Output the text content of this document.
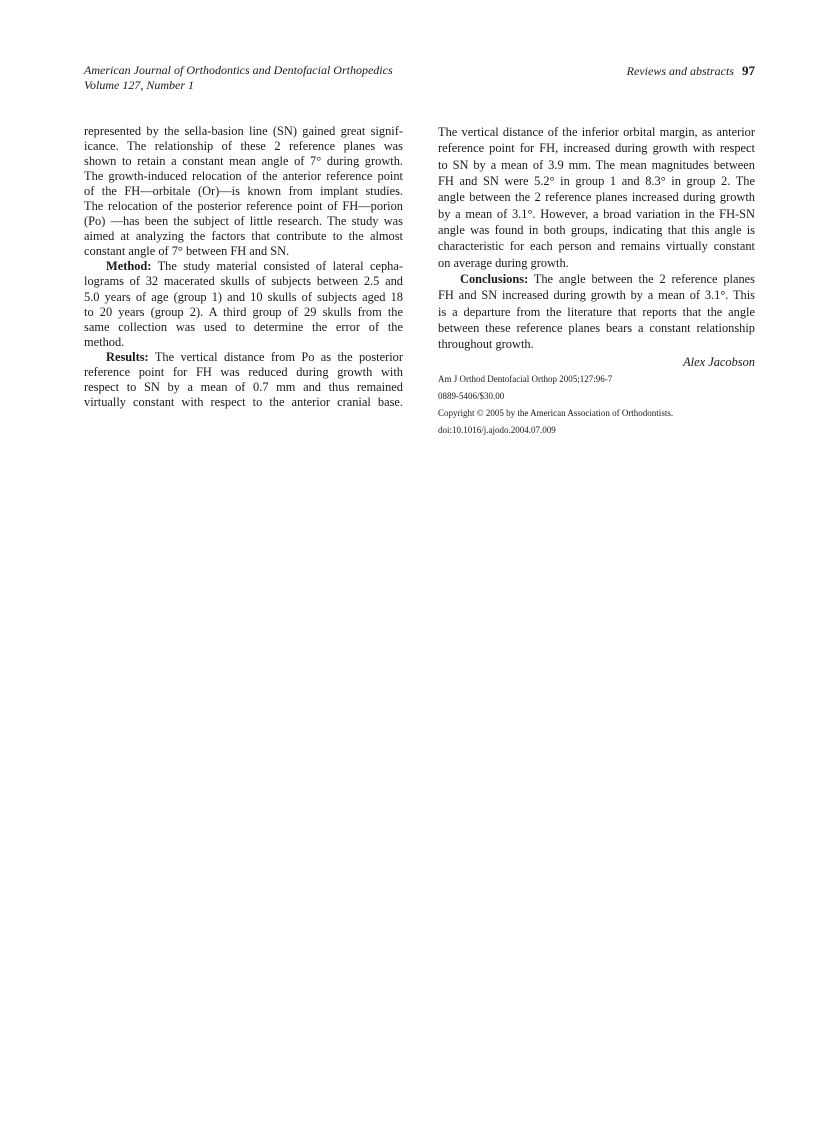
American Journal of Orthodontics and Dentofacial Orthopedics
Volume 127, Number 1
Reviews and abstracts 97
represented by the sella-basion line (SN) gained great signif-
icance. The relationship of these 2 reference planes was
shown to retain a constant mean angle of 7° during growth.
The growth-induced relocation of the anterior reference point
of the FH—orbitale (Or)—is known from implant studies.
The relocation of the posterior reference point of FH—porion
(Po) —has been the subject of little research. The study was
aimed at analyzing the factors that contribute to the almost
constant angle of 7° between FH and SN.
Method: The study material consisted of lateral cepha-
lograms of 32 macerated skulls of subjects between 2.5 and
5.0 years of age (group 1) and 10 skulls of subjects aged 18
to 20 years (group 2). A third group of 29 skulls from the
same collection was used to determine the error of the
method.
Results: The vertical distance from Po as the posterior
reference point for FH was reduced during growth with
respect to SN by a mean of 0.7 mm and thus remained
virtually constant with respect to the anterior cranial base.
The vertical distance of the inferior orbital margin, as anterior
reference point for FH, increased during growth with respect
to SN by a mean of 3.9 mm. The mean magnitudes between
FH and SN were 5.2° in group 1 and 8.3° in group 2. The
angle between the 2 reference planes increased during growth
by a mean of 3.1°. However, a broad variation in the FH-SN
angle was found in both groups, indicating that this angle is
characteristic for each person and remains virtually constant
on average during growth.
Conclusions: The angle between the 2 reference planes
FH and SN increased during growth by a mean of 3.1°. This
is a departure from the literature that reports that the angle
between these reference planes bears a constant relationship
throughout growth.
Alex Jacobson
Am J Orthod Dentofacial Orthop 2005;127:96-7
0889-5406/$30.00
Copyright © 2005 by the American Association of Orthodontists.
doi:10.1016/j.ajodo.2004.07.009
